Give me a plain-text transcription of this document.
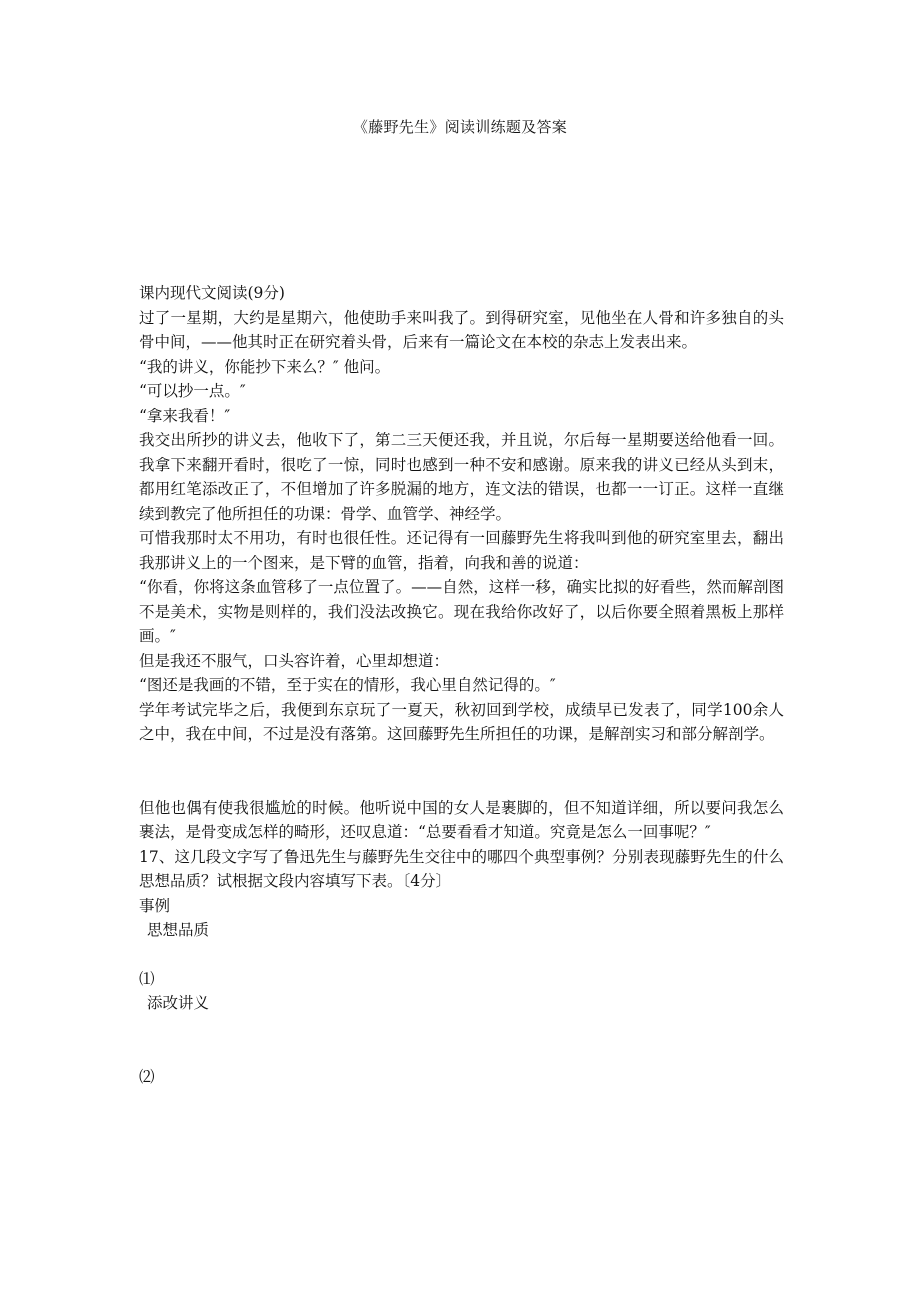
《藤野先生》阅读训练题及答案

课内现代文阅读(9分)

过了一星期，大约是星期六，他使助手来叫我了。到得研究室，见他坐在人骨和许多独自的头骨中间，——他其时正在研究着头骨，后来有一篇论文在本校的杂志上发表出来。

“我的讲义，你能抄下来么？″ 他问。

“可以抄一点。″

“拿来我看！″

我交出所抄的讲义去，他收下了，第二三天便还我，并且说，尔后每一星期要送给他看一回。我拿下来翻开看时，很吃了一惊，同时也感到一种不安和感谢。原来我的讲义已经从头到末，都用红笔添改正了，不但增加了许多脱漏的地方，连文法的错误，也都一一订正。这样一直继续到教完了他所担任的功课：骨学、血管学、神经学。

可惜我那时太不用功，有时也很任性。还记得有一回藤野先生将我叫到他的研究室里去，翻出我那讲义上的一个图来，是下臂的血管，指着，向我和善的说道：

“你看，你将这条血管移了一点位置了。——自然，这样一移，确实比拟的好看些，然而解剖图不是美术，实物是则样的，我们没法改换它。现在我给你改好了，以后你要全照着黑板上那样画。″

但是我还不服气，口头容许着，心里却想道：

“图还是我画的不错，至于实在的情形，我心里自然记得的。″

学年考试完毕之后，我便到东京玩了一夏天，秋初回到学校，成绩早已发表了，同学100余人之中，我在中间，不过是没有落第。这回藤野先生所担任的功课，是解剖实习和部分解剖学。

但他也偶有使我很尴尬的时候。他听说中国的女人是裹脚的，但不知道详细，所以要问我怎么裹法，是骨变成怎样的畸形，还叹息道：“总要看看才知道。究竟是怎么一回事呢？″

17、这几段文字写了鲁迅先生与藤野先生交往中的哪四个典型事例？分别表现藤野先生的什么思想品质？试根据文段内容填写下表。〔4分〕

事例

思想品质

⑴

添改讲义

⑵
